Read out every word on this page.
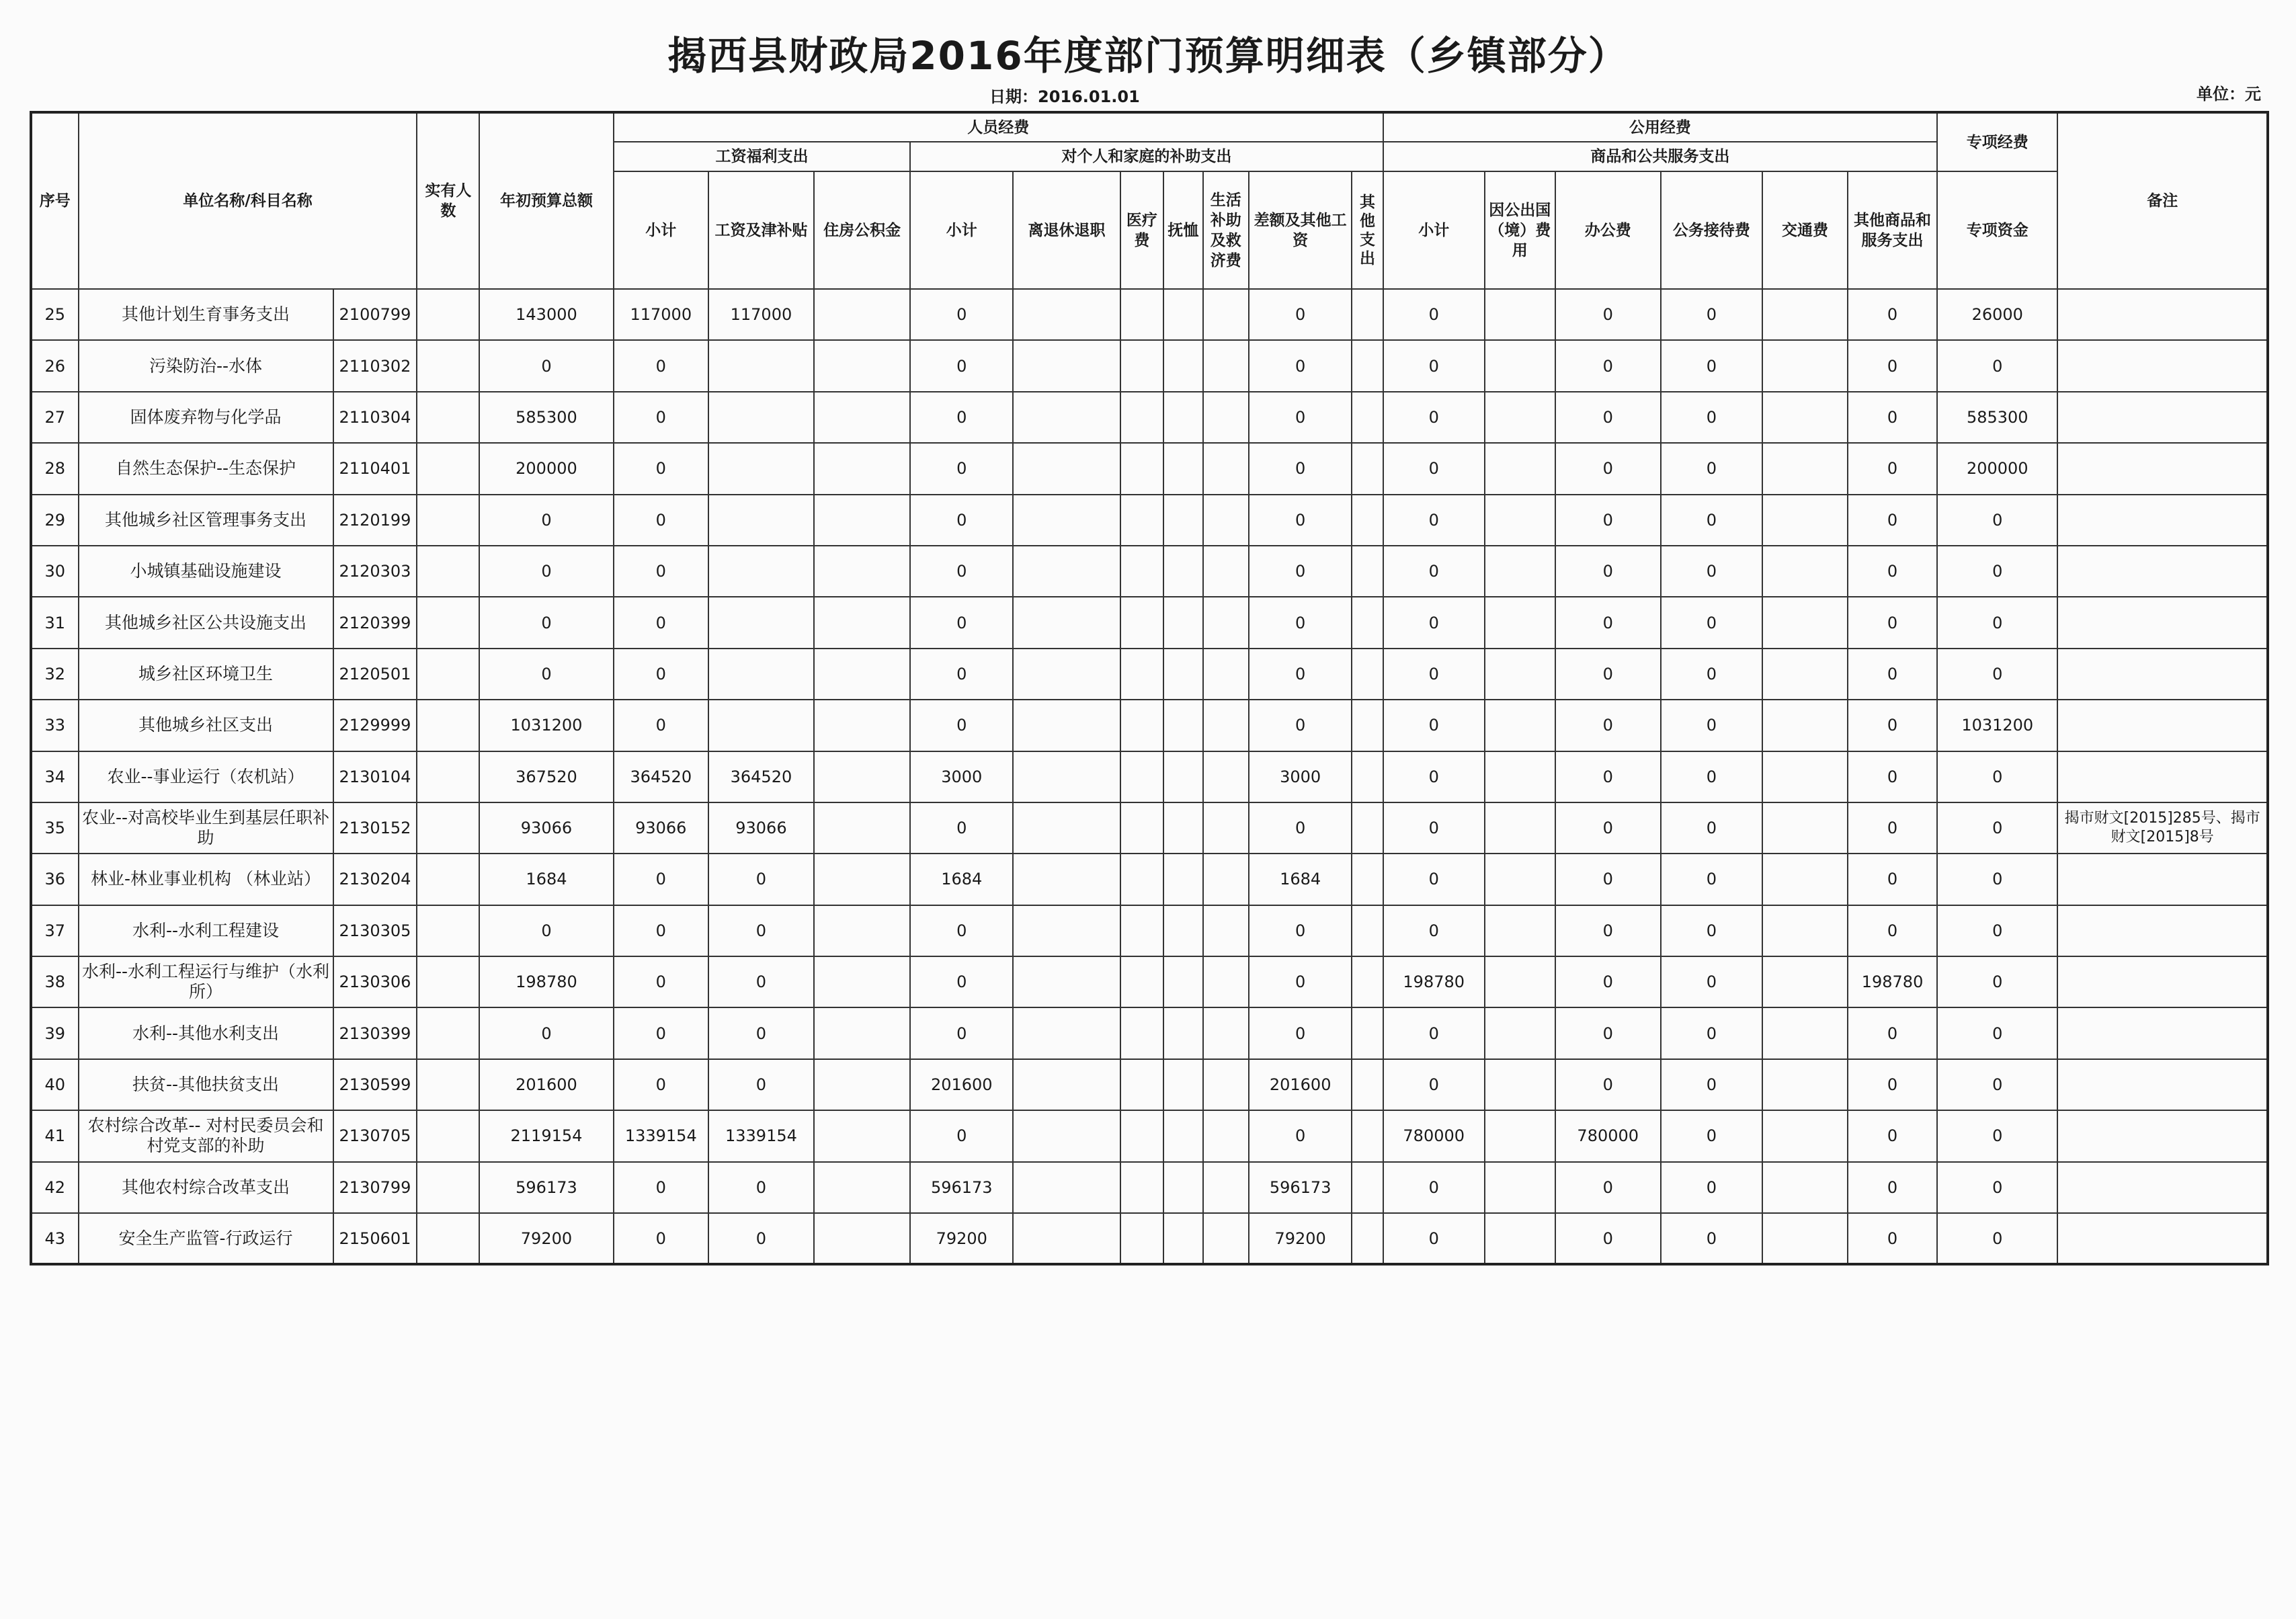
揭西县财政局2016年度部门预算明细表（乡镇部分）
日期：2016.01.01	单位：元
序号	单位名称/科目名称		实有人数	年初预算总额	人员经费										公用经费						专项经费	备注
					工资福利支出			对个人和家庭的补助支出							商品和公共服务支出							
					小计	工资及津补贴	住房公积金	小计	离退休退职	医疗费	抚恤	生活补助及救济费	差额及其他工资	其他支出	小计	因公出国（境）费用	办公费	公务接待费	交通费	其他商品和服务支出	专项资金	
25	其他计划生育事务支出	2100799		143000	117000	117000		0					0		0		0	0		0	26000	
26	污染防治--水体	2110302		0	0			0					0		0		0	0		0	0	
27	固体废弃物与化学品	2110304		585300	0			0					0		0		0	0		0	585300	
28	自然生态保护--生态保护	2110401		200000	0			0					0		0		0	0		0	200000	
29	其他城乡社区管理事务支出	2120199		0	0			0					0		0		0	0		0	0	
30	小城镇基础设施建设	2120303		0	0			0					0		0		0	0		0	0	
31	其他城乡社区公共设施支出	2120399		0	0			0					0		0		0	0		0	0	
32	城乡社区环境卫生	2120501		0	0			0					0		0		0	0		0	0	
33	其他城乡社区支出	2129999		1031200	0			0					0		0		0	0		0	1031200	
34	农业--事业运行（农机站）	2130104		367520	364520	364520		3000					3000		0		0	0		0	0	
35	农业--对高校毕业生到基层任职补助	2130152		93066	93066	93066		0					0		0		0	0		0	0	揭市财文[2015]285号、揭市财文[2015]8号
36	林业-林业事业机构 （林业站）	2130204		1684	0	0		1684					1684		0		0	0		0	0	
37	水利--水利工程建设	2130305		0	0	0		0					0		0		0	0		0	0	
38	水利--水利工程运行与维护（水利所）	2130306		198780	0	0		0					0		198780		0	0		198780	0	
39	水利--其他水利支出	2130399		0	0	0		0					0		0		0	0		0	0	
40	扶贫--其他扶贫支出	2130599		201600	0	0		201600					201600		0		0	0		0	0	
41	农村综合改革-- 对村民委员会和村党支部的补助	2130705		2119154	1339154	1339154		0					0		780000		780000	0		0	0	
42	其他农村综合改革支出	2130799		596173	0	0		596173					596173		0		0	0		0	0	
43	安全生产监管-行政运行	2150601		79200	0	0		79200					79200		0		0	0		0	0	
